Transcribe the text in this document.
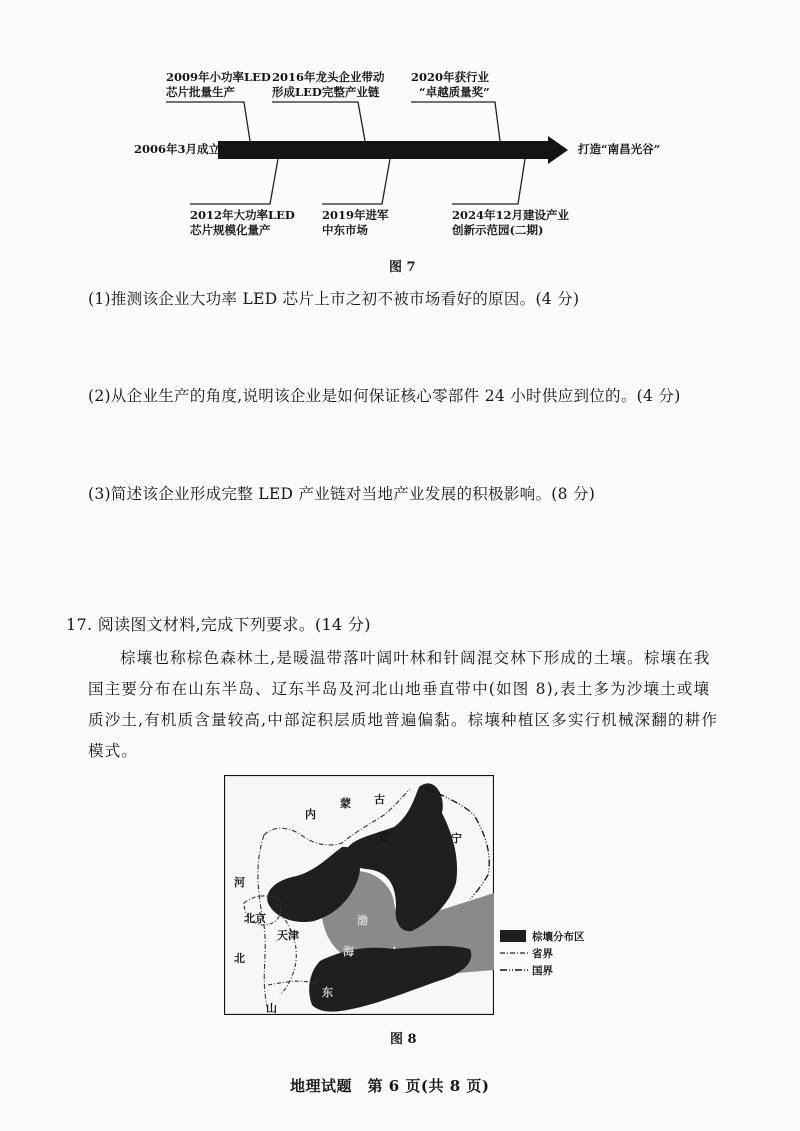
2006年3月成立	打造“南昌光谷”
2009年小功率LED
芯片批量生产
2016年龙头企业带动
形成LED完整产业链
2020年获行业
“卓越质量奖”
2012年大功率LED
芯片规模化量产
2019年进军
中东市场
2024年12月建设产业
创新示范园(二期)
图 7
(1)推测该企业大功率 LED 芯片上市之初不被市场看好的原因。(4 分)
(2)从企业生产的角度,说明该企业是如何保证核心零部件 24 小时供应到位的。(4 分)
(3)简述该企业形成完整 LED 产业链对当地产业发展的积极影响。(8 分)
17. 阅读图文材料,完成下列要求。(14 分)
棕壤也称棕色森林土,是暖温带落叶阔叶林和针阔混交林下形成的土壤。棕壤在我国主要分布在山东半岛、辽东半岛及河北山地垂直带中(如图 8),表土多为沙壤土或壤质沙土,有机质含量较高,中部淀积层质地普遍偏黏。棕壤种植区多实行机械深翻的耕作模式。
内
蒙 古
辽	宁
河
北
北京
天津
渤
海
山
东
棕壤分布区
省界
国界
图 8
地理试题　第 6 页(共 8 页)
